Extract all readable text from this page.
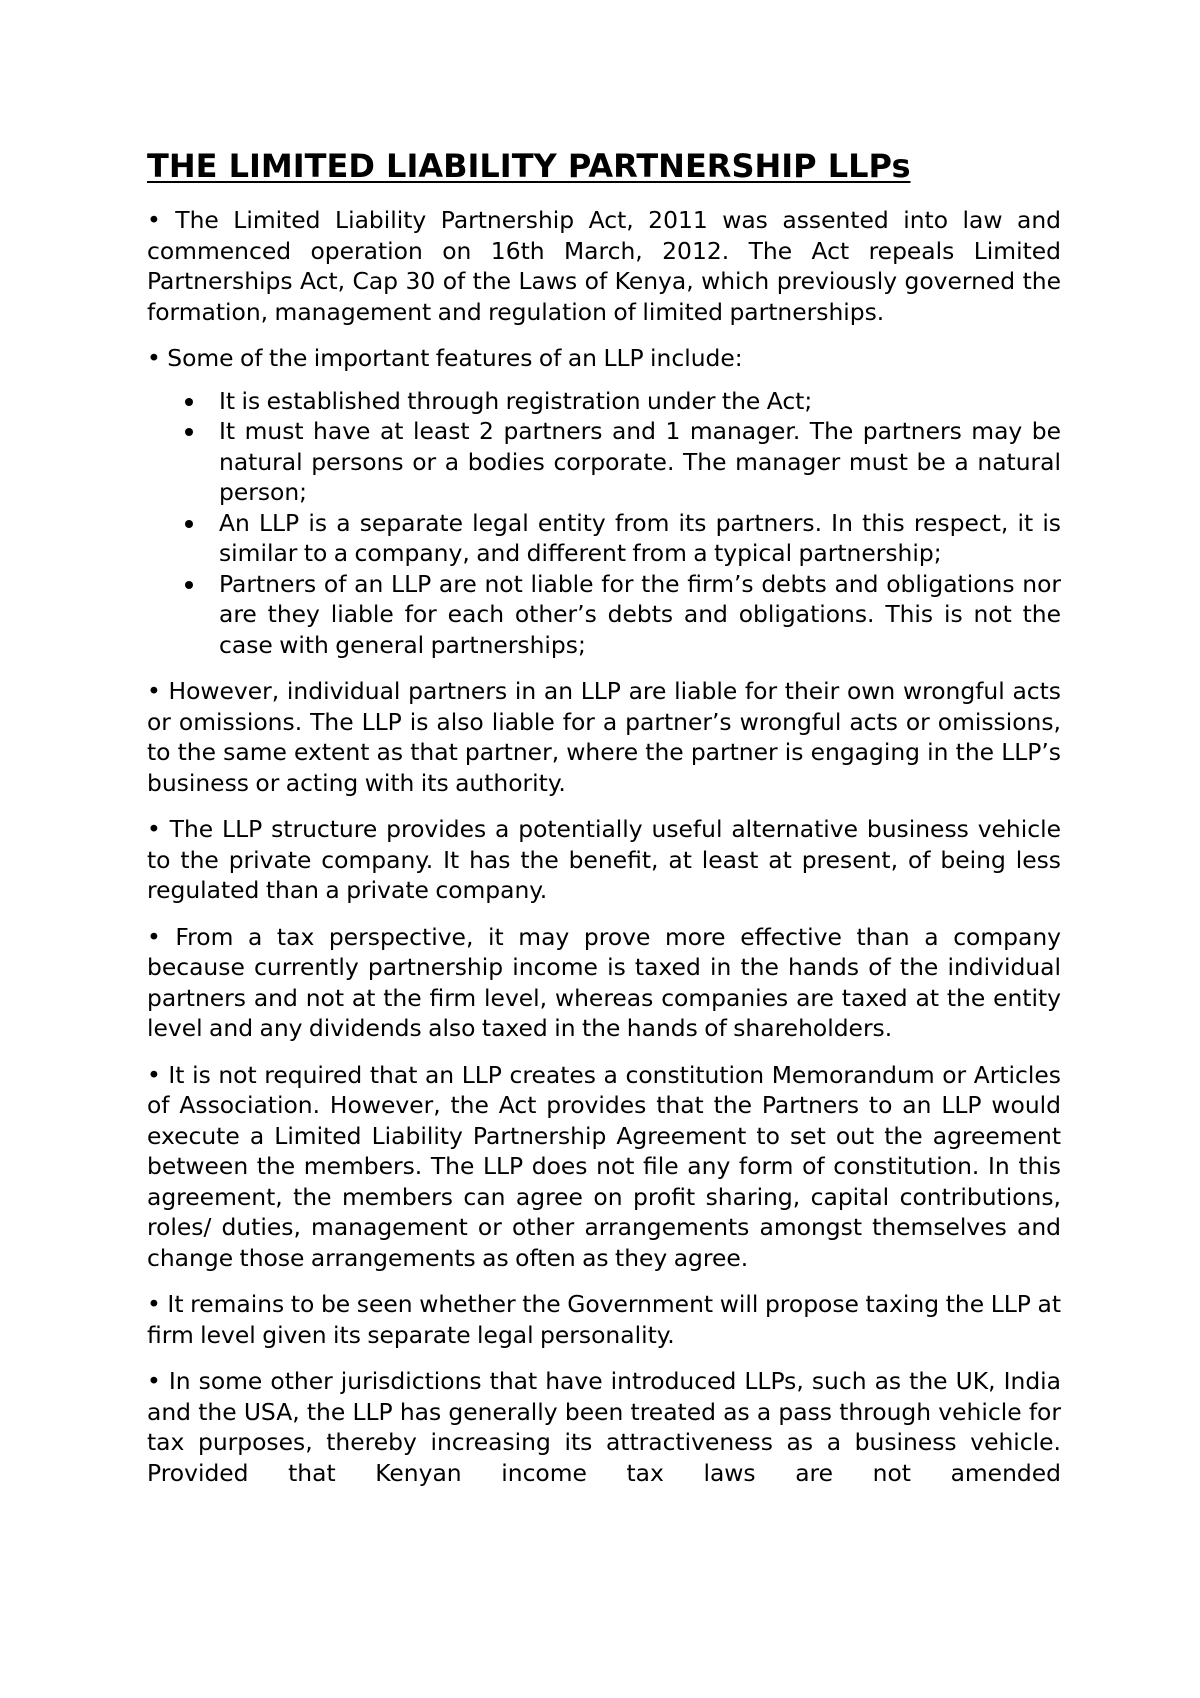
THE LIMITED LIABILITY PARTNERSHIP LLPs

• The Limited Liability Partnership Act, 2011 was assented into law and commenced operation on 16th March, 2012. The Act repeals Limited Partnerships Act, Cap 30 of the Laws of Kenya, which previously governed the formation, management and regulation of limited partnerships.

• Some of the important features of an LLP include:

It is established through registration under the Act;
It must have at least 2 partners and 1 manager. The partners may be natural persons or a bodies corporate. The manager must be a natural person;
An LLP is a separate legal entity from its partners. In this respect, it is similar to a company, and different from a typical partnership;
Partners of an LLP are not liable for the firm’s debts and obligations nor are they liable for each other’s debts and obligations. This is not the case with general partnerships;

• However, individual partners in an LLP are liable for their own wrongful acts or omissions. The LLP is also liable for a partner’s wrongful acts or omissions, to the same extent as that partner, where the partner is engaging in the LLP’s business or acting with its authority.

• The LLP structure provides a potentially useful alternative business vehicle to the private company. It has the benefit, at least at present, of being less regulated than a private company.

• From a tax perspective, it may prove more effective than a company because currently partnership income is taxed in the hands of the individual partners and not at the firm level, whereas companies are taxed at the entity level and any dividends also taxed in the hands of shareholders.

• It is not required that an LLP creates a constitution Memorandum or Articles of Association. However, the Act provides that the Partners to an LLP would execute a Limited Liability Partnership Agreement to set out the agreement between the members. The LLP does not file any form of constitution. In this agreement, the members can agree on profit sharing, capital contributions, roles/ duties, management or other arrangements amongst themselves and change those arrangements as often as they agree.

• It remains to be seen whether the Government will propose taxing the LLP at firm level given its separate legal personality.

• In some other jurisdictions that have introduced LLPs, such as the UK, India and the USA, the LLP has generally been treated as a pass through vehicle for tax purposes, thereby increasing its attractiveness as a business vehicle. Provided that Kenyan income tax laws are not amended
